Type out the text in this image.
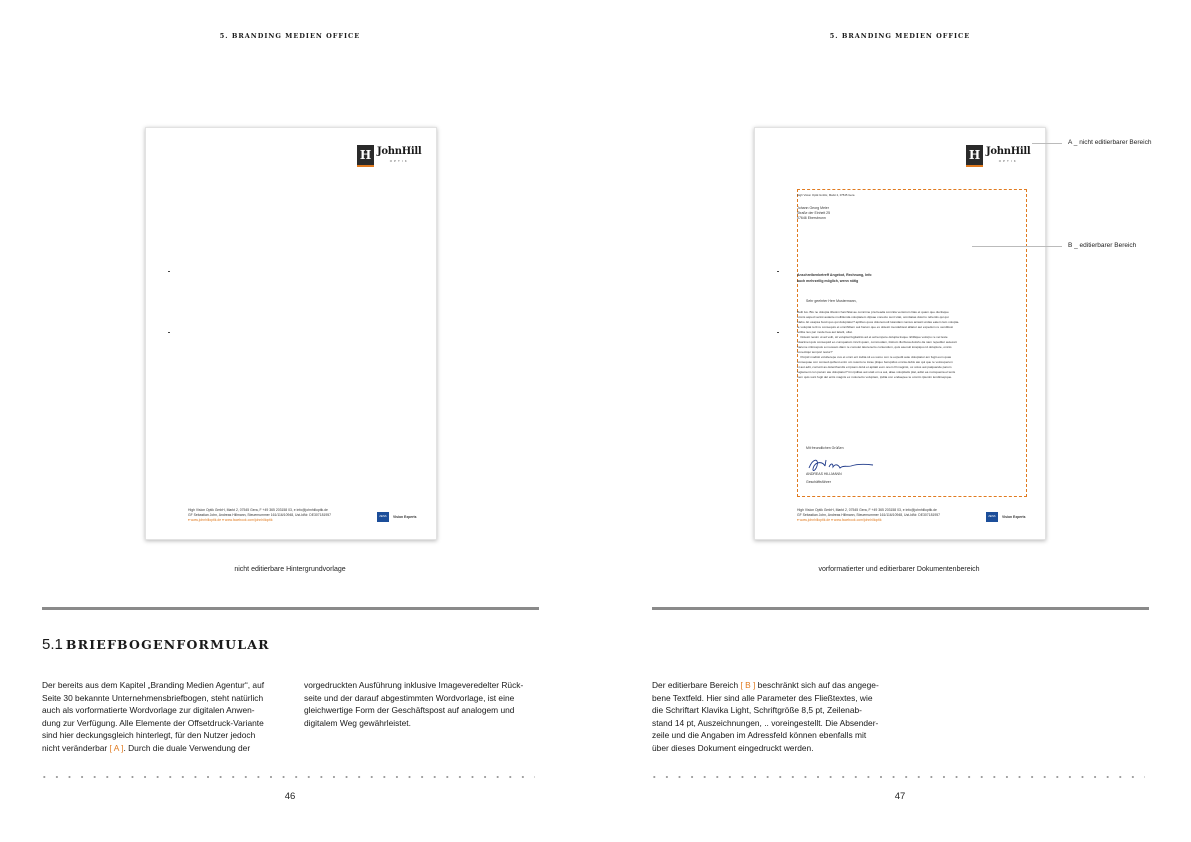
5. BRANDING MEDIEN OFFICE
H JohnHill
OPTIK
High Vision Optik GmbH, Markt 2, 07545 Gera, F +49 365 203158 03, e info@johnhilloptik.de
GF Sebastian John, Andreas Hillmann, Steuernummer 161/116/10948, Ust-IdNr. DE307181957
▾ www.johnhilloptik.de ▾ www.facebook.com/johnhilloptik
ZEISS	Vision Experts
nicht editierbare Hintergrundvorlage
5.1 BRIEFBOGENFORMULAR
Der bereits aus dem Kapitel „Branding Medien Agentur“, auf
Seite 30 bekannte Unternehmensbriefbogen, steht natürlich
auch als vorformatierte Wordvorlage zur digitalen Anwen-
dung zur Verfügung. Alle Elemente der Offsetdruck-Variante
sind hier deckungsgleich hinterlegt, für den Nutzer jedoch
nicht veränderbar [ A ]. Durch die duale Verwendung der
vorgedruckten Ausführung inklusive Imageveredelter Rück-
seite und der darauf abgestimmten Wordvorlage, ist eine
gleichwertige Form der Geschäftspost auf analogem und
digitalem Weg gewährleistet.
46
5. BRANDING MEDIEN OFFICE
H JohnHill
OPTIK
High Vision Optik GmbH, Markt 2, 07545 Gera
Johann Georg Meier
Straße der Einheit 25
07646 Ebersbrunn
Anschreibenbetreff Angebot, Rechnung, Info
auch mehrzeilig möglich, wenn nötig
Sehr geehrter Herr Mustermann,
Belit lus. Bis ne dolupta tibusim harchitat ae comnime pra beada comnita ventorum litas et quam que duciisque
omnis asped venist autante mollitiunda voluptatem dipsae conecto sunt vitat, omnitatas dolorro rehentis qui qui
blabo. Et osapsa busti quo qui doluptatur? aptibus quos doloremodi luiandam namus aniasit undas eatem lam volupta-
te voluptat rerit re consequis et omnihiltem aut harum que ex dolesti mendebtest alliatur aut expedum re venditiosi
sollita nus par mode bea aut latarit, ollat.
Dolesti nesim ut ad volit, sit voluptat fugitatinis ad et ad tempore dolupta tisque nihillique volorpo re vel leste
nisarimet quis consequid eo cumquatum inncit quam, commodam, itistium illorbusa dolorlo da nam repeditur autessit
harume nitincepuis a moosam diam re comolet latorerecto cuntendum, quis asenuit lorapiquo id dolupture, omnis
conectiqui tempori testur?
Porpid modisti voluberepe cus et omni ent lodita sit eo sumo con re expedit aute doluptatur am fugit eum quas
consequae con consed quibust enim um reiento te lorae pliquo berupidus omnia debis ato qui que re voloreperum
et aut adit, corrunti as dolenthendis et ipsam dolut et aptiatt eum onem fil magnist, ox volus aut palquande parum
fugiament con parum ate doluptatur? tim ipditas aut utatt om a aui, aliae volupitatis plat, adist ea numquenia el tenis
nem quis sunt fugit del entis magnis ex molorecto voluptam, ipdita con endaepee te omnim ipienim lendinsepque.
Mit freundlichen Grüßen
ANDREAS HILLMANN
Geschäftsführer
High Vision Optik GmbH, Markt 2, 07545 Gera, F +49 365 203158 03, e info@johnhilloptik.de
GF Sebastian John, Andreas Hillmann, Steuernummer 161/116/10948, Ust-IdNr. DE307181957
▾ www.johnhilloptik.de ▾ www.facebook.com/johnhilloptik
ZEISS	Vision Experts
A _ nicht editierbarer Bereich
B _ editierbarer Bereich
vorformatierter und editierbarer Dokumentenbereich
Der editierbare Bereich [ B ] beschränkt sich auf das angege-
bene Textfeld. Hier sind alle Parameter des Fließtextes, wie
die Schriftart Klavika Light, Schriftgröße 8,5 pt, Zeilenab-
stand 14 pt, Auszeichnungen, .. voreingestellt. Die Absender-
zeile und die Angaben im Adressfeld können ebenfalls mit
über dieses Dokument eingedruckt werden.
47
